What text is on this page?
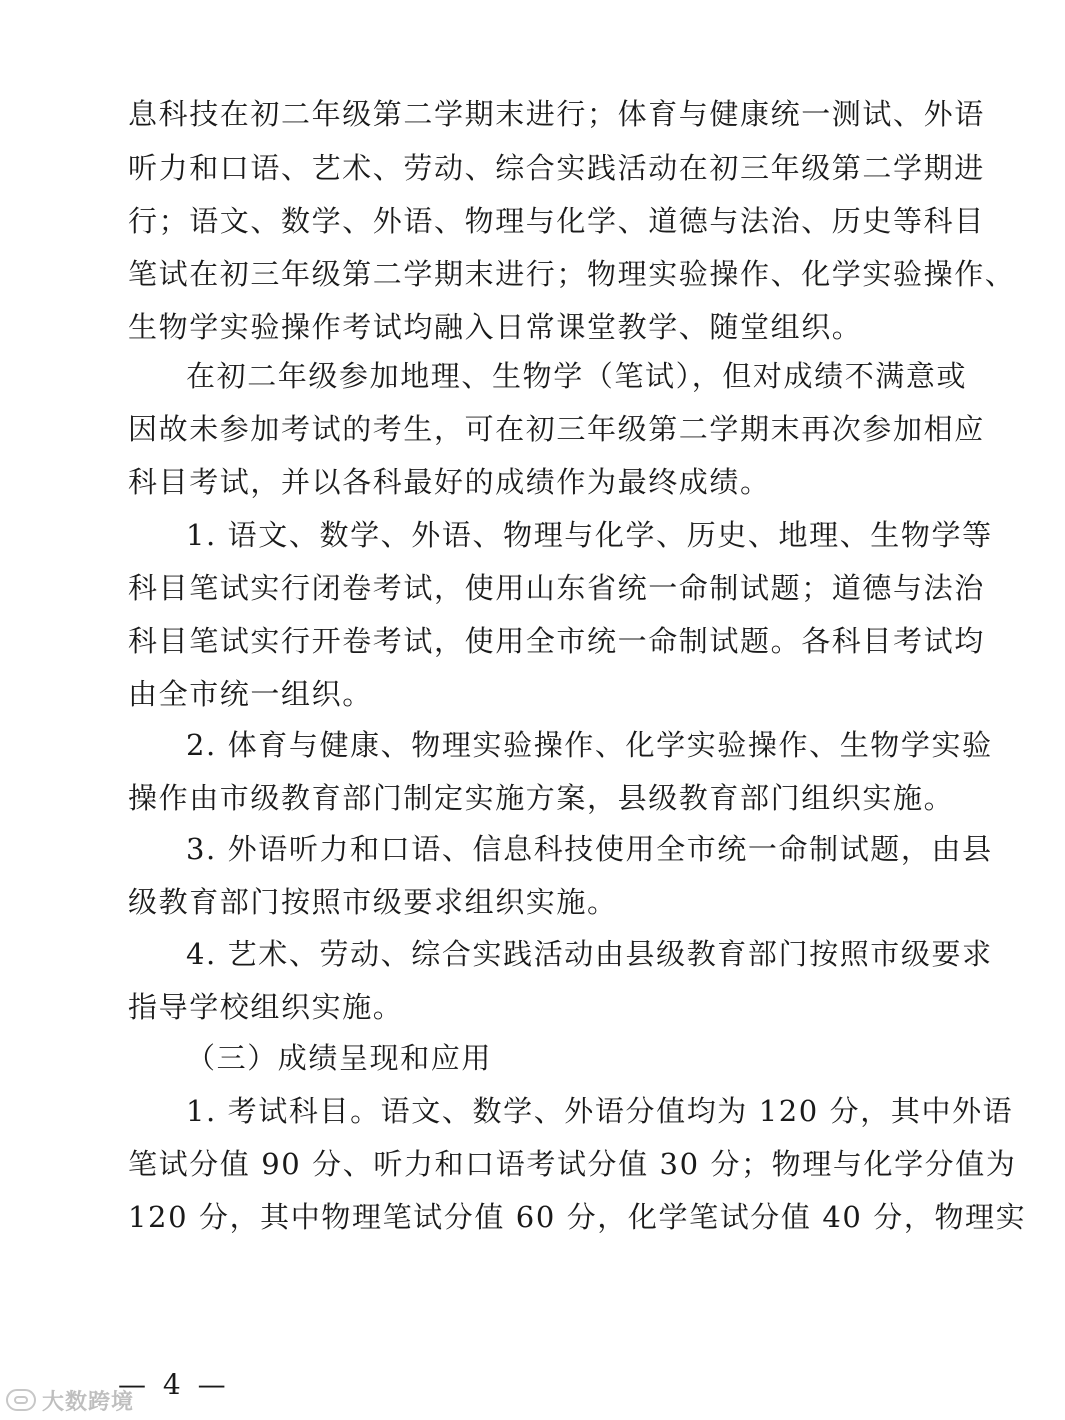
息科技在初二年级第二学期末进行；体育与健康统一测试、外语
听力和口语、艺术、劳动、综合实践活动在初三年级第二学期进
行；语文、数学、外语、物理与化学、道德与法治、历史等科目
笔试在初三年级第二学期末进行；物理实验操作、化学实验操作、
生物学实验操作考试均融入日常课堂教学、随堂组织。
在初二年级参加地理、生物学（笔试），但对成绩不满意或
因故未参加考试的考生，可在初三年级第二学期末再次参加相应
科目考试，并以各科最好的成绩作为最终成绩。
1. 语文、数学、外语、物理与化学、历史、地理、生物学等
科目笔试实行闭卷考试，使用山东省统一命制试题；道德与法治
科目笔试实行开卷考试，使用全市统一命制试题。各科目考试均
由全市统一组织。
2. 体育与健康、物理实验操作、化学实验操作、生物学实验
操作由市级教育部门制定实施方案，县级教育部门组织实施。
3. 外语听力和口语、信息科技使用全市统一命制试题，由县
级教育部门按照市级要求组织实施。
4. 艺术、劳动、综合实践活动由县级教育部门按照市级要求
指导学校组织实施。
（三）成绩呈现和应用
1. 考试科目。语文、数学、外语分值均为 120 分，其中外语
笔试分值 90 分、听力和口语考试分值 30 分；物理与化学分值为
120 分，其中物理笔试分值 60 分，化学笔试分值 40 分，物理实
— 4 —
大数跨境
